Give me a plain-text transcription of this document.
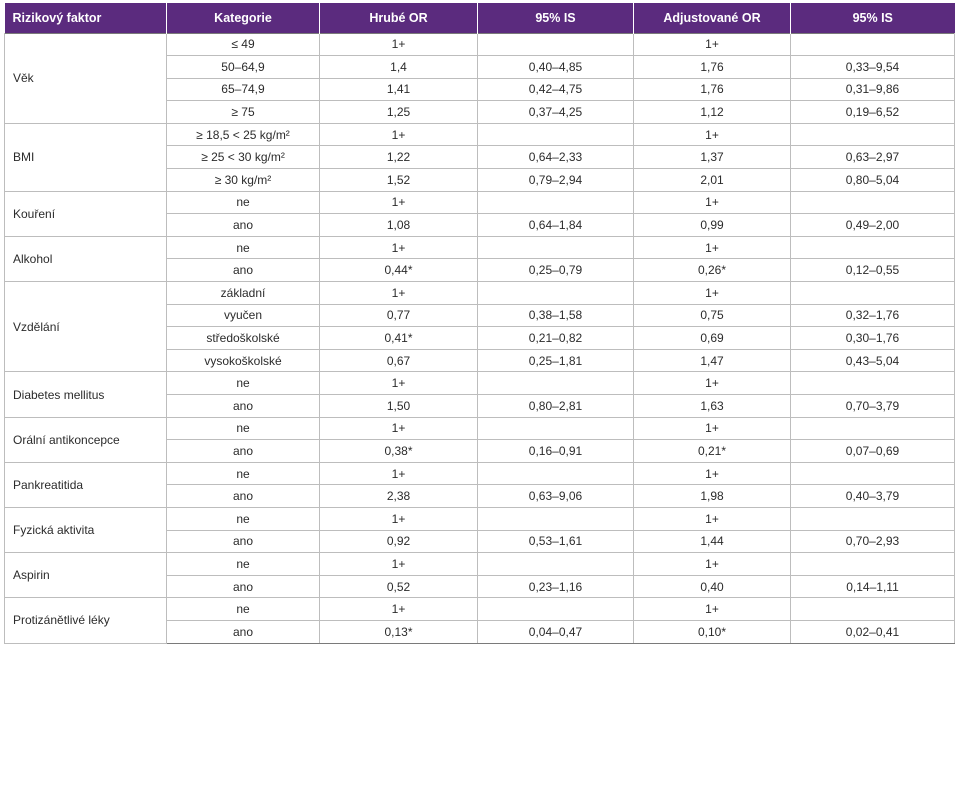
Rizikový faktor	Kategorie	Hrubé OR	95% IS	Adjustované OR	95% IS
Věk	≤ 49	1+		1+	
	50–64,9	1,4	0,40–4,85	1,76	0,33–9,54
	65–74,9	1,41	0,42–4,75	1,76	0,31–9,86
	≥ 75	1,25	0,37–4,25	1,12	0,19–6,52
BMI	≥ 18,5 < 25 kg/m²	1+		1+	
	≥ 25 < 30 kg/m²	1,22	0,64–2,33	1,37	0,63–2,97
	≥ 30 kg/m²	1,52	0,79–2,94	2,01	0,80–5,04
Kouření	ne	1+		1+	
	ano	1,08	0,64–1,84	0,99	0,49–2,00
Alkohol	ne	1+		1+	
	ano	0,44*	0,25–0,79	0,26*	0,12–0,55
Vzdělání	základní	1+		1+	
	vyučen	0,77	0,38–1,58	0,75	0,32–1,76
	středoškolské	0,41*	0,21–0,82	0,69	0,30–1,76
	vysokoškolské	0,67	0,25–1,81	1,47	0,43–5,04
Diabetes mellitus	ne	1+		1+	
	ano	1,50	0,80–2,81	1,63	0,70–3,79
Orální antikoncepce	ne	1+		1+	
	ano	0,38*	0,16–0,91	0,21*	0,07–0,69
Pankreatitida	ne	1+		1+	
	ano	2,38	0,63–9,06	1,98	0,40–3,79
Fyzická aktivita	ne	1+		1+	
	ano	0,92	0,53–1,61	1,44	0,70–2,93
Aspirin	ne	1+		1+	
	ano	0,52	0,23–1,16	0,40	0,14–1,11
Protizánětlivé léky	ne	1+		1+	
	ano	0,13*	0,04–0,47	0,10*	0,02–0,41
